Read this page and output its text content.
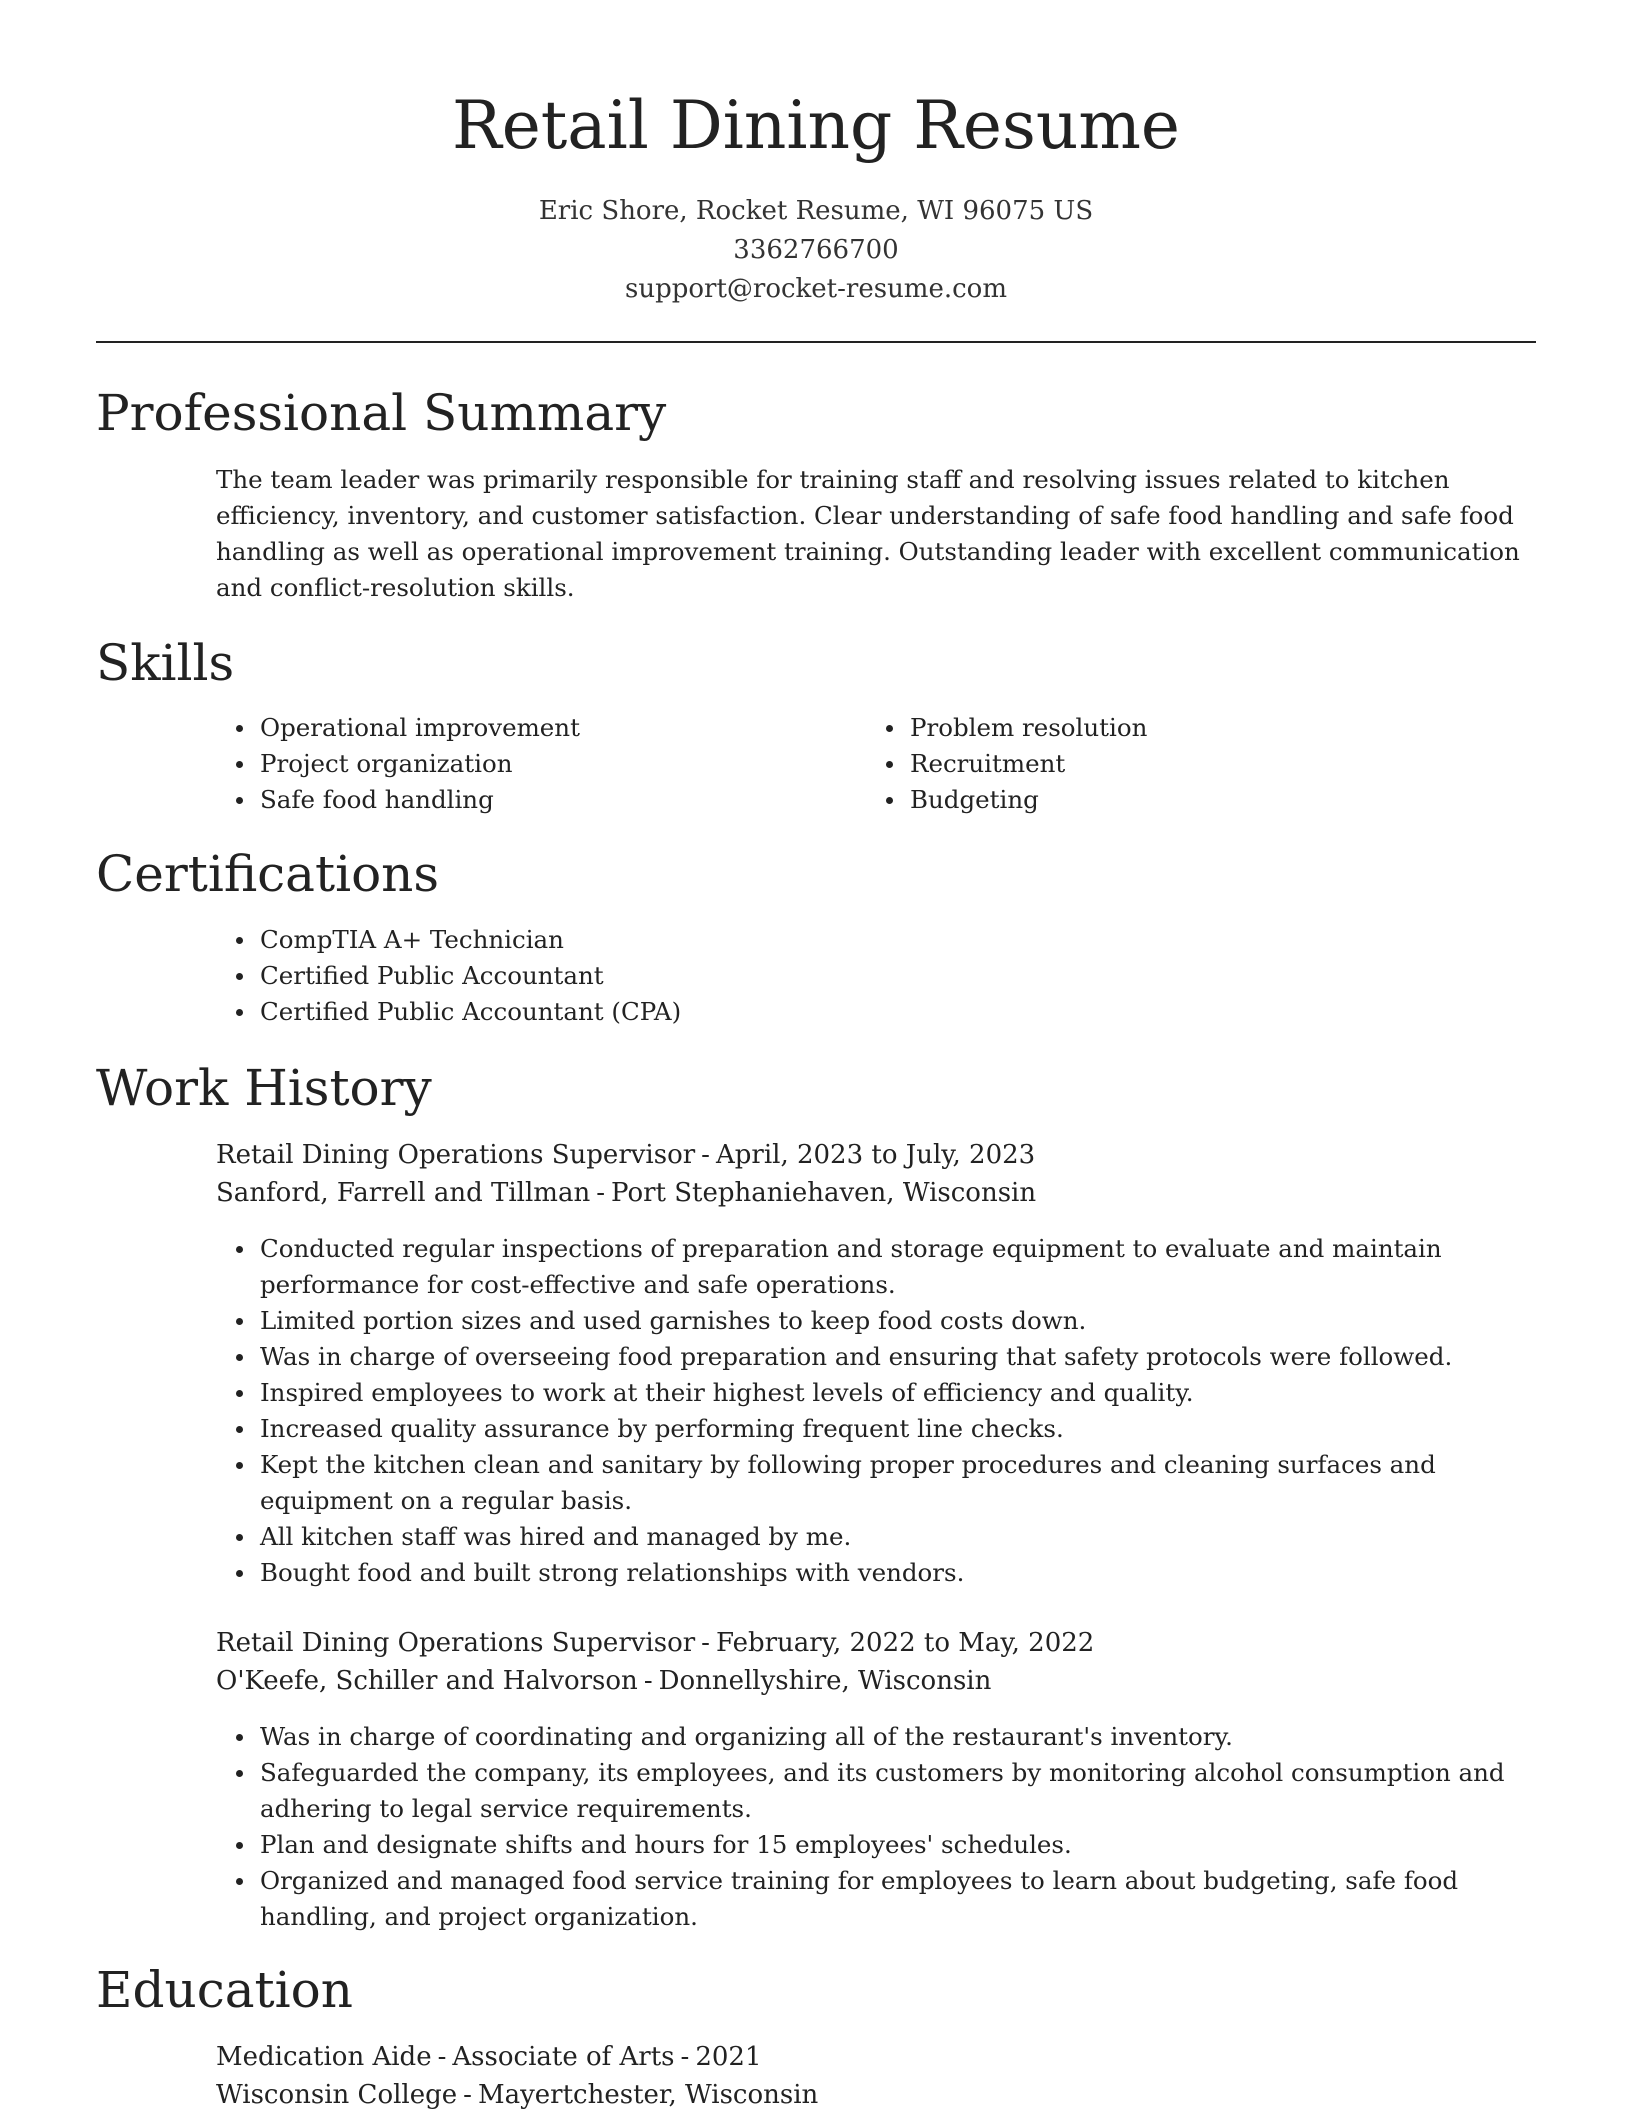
Retail Dining Resume
Eric Shore, Rocket Resume, WI 96075 US
3362766700
support@rocket-resume.com
Professional Summary

The team leader was primarily responsible for training staff and resolving issues related to kitchen efficiency, inventory, and customer satisfaction. Clear understanding of safe food handling and safe food handling as well as operational improvement training. Outstanding leader with excellent communication and conflict-resolution skills.

Skills
Operational improvement
Project organization
Safe food handling
Problem resolution
Recruitment
Budgeting
Certifications
CompTIA A+ Technician
Certified Public Accountant
Certified Public Accountant (CPA)
Work History
Retail Dining Operations Supervisor - April, 2023 to July, 2023
Sanford, Farrell and Tillman - Port Stephaniehaven, Wisconsin
Conducted regular inspections of preparation and storage equipment to evaluate and maintain performance for cost-effective and safe operations.
Limited portion sizes and used garnishes to keep food costs down.
Was in charge of overseeing food preparation and ensuring that safety protocols were followed.
Inspired employees to work at their highest levels of efficiency and quality.
Increased quality assurance by performing frequent line checks.
Kept the kitchen clean and sanitary by following proper procedures and cleaning surfaces and equipment on a regular basis.
All kitchen staff was hired and managed by me.
Bought food and built strong relationships with vendors.
Retail Dining Operations Supervisor - February, 2022 to May, 2022
O'Keefe, Schiller and Halvorson - Donnellyshire, Wisconsin
Was in charge of coordinating and organizing all of the restaurant's inventory.
Safeguarded the company, its employees, and its customers by monitoring alcohol consumption and adhering to legal service requirements.
Plan and designate shifts and hours for 15 employees' schedules.
Organized and managed food service training for employees to learn about budgeting, safe food handling, and project organization.
Education
Medication Aide - Associate of Arts - 2021
Wisconsin College - Mayertchester, Wisconsin
